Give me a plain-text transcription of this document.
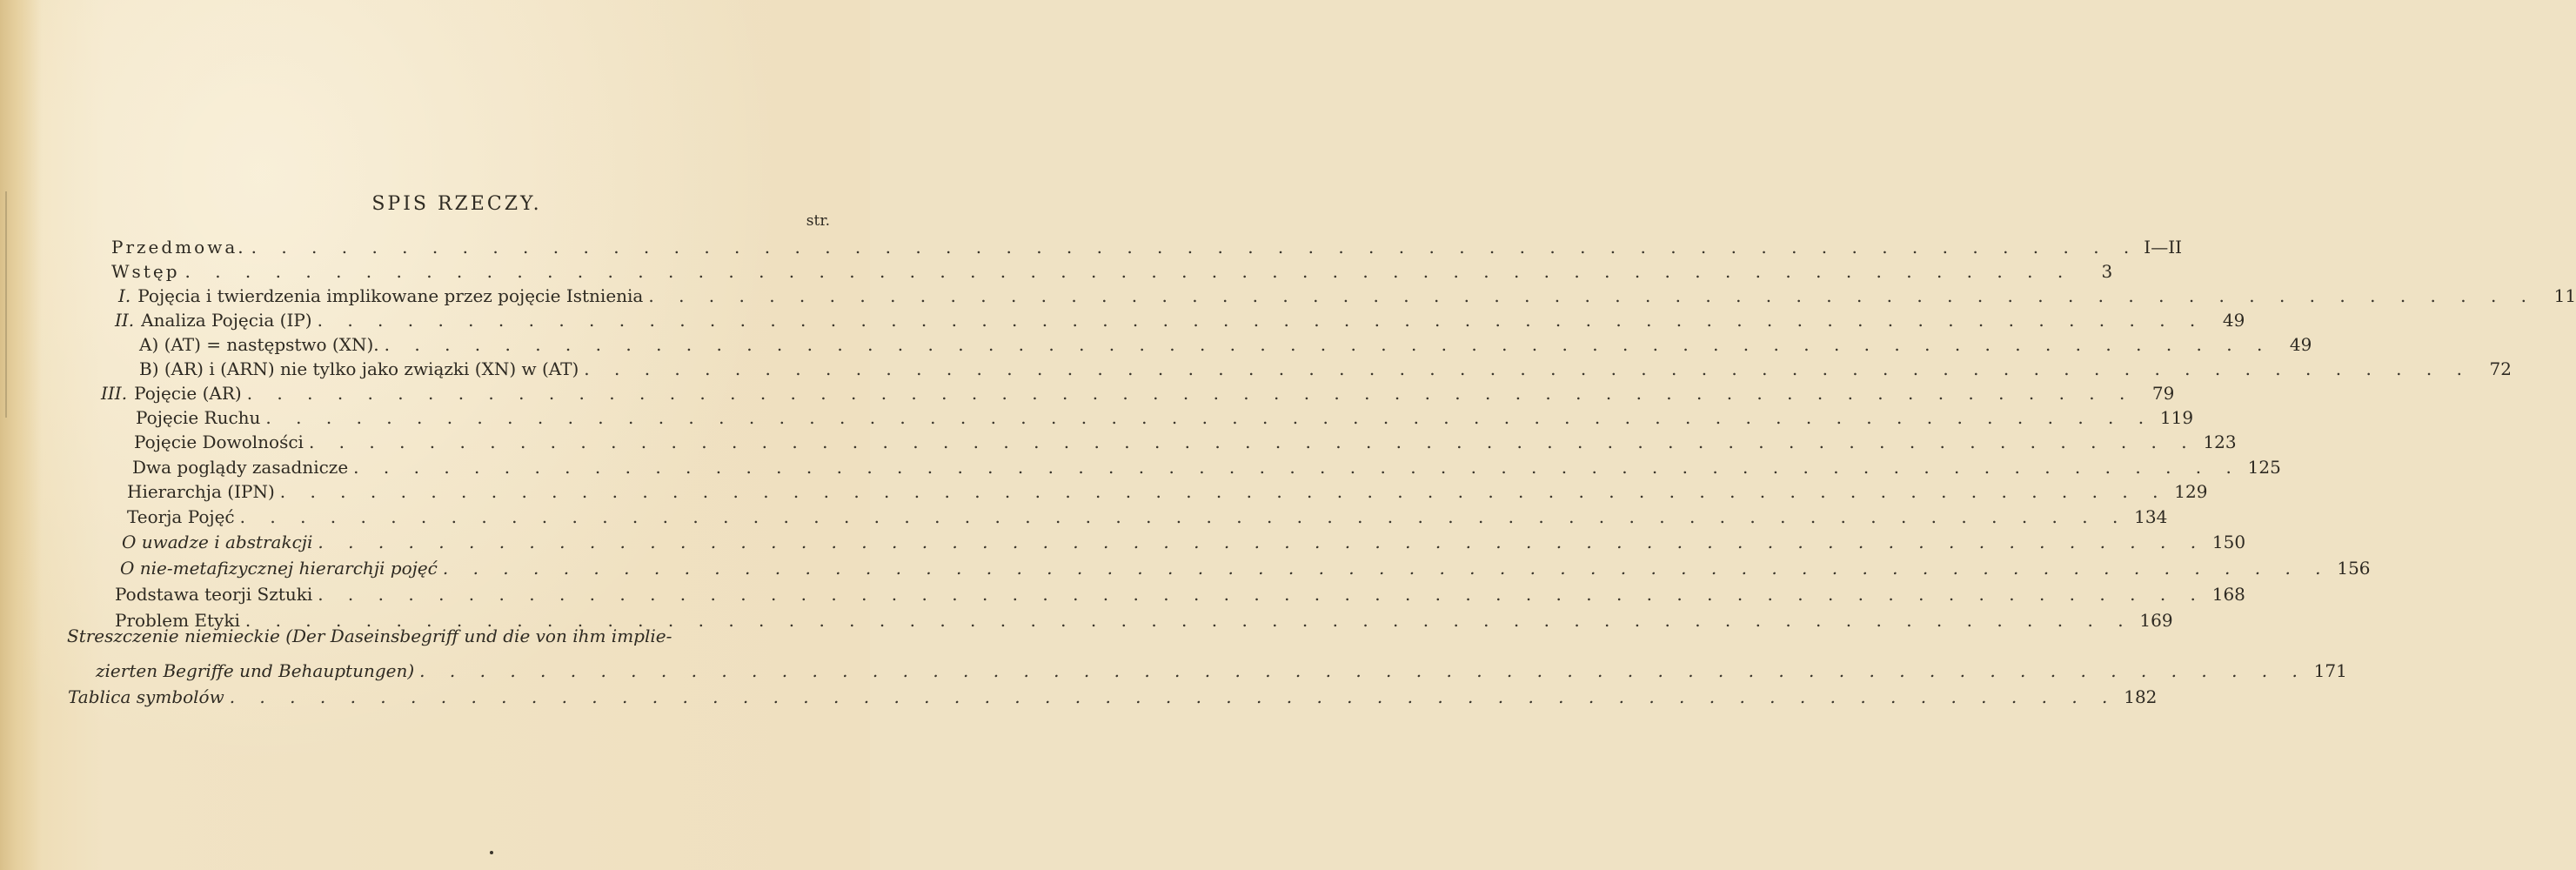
SPIS RZECZY.
str.
Przedmowa. . . . . . . . . . . . . . . . . . . . . . . . . . . . . . . . . . . . . . . . . . . . . . . . . . . . . . . . . . . . . . . . I—II
Wstęp . . . . . . . . . . . . . . . . . . . . . . . . . . . . . . . . . . . . . . . . . . . . . . . . . . . . . . . . . . . . . . .	3
I. Pojęcia i twierdzenia implikowane przez pojęcie Istnienia . . . . . . . . . . . . . . . . . . . . . . . . . . . . . . . . . . . . . . . . . . . . . . . . . . . . . . . . . . . . . . .	11
II. Analiza Pojęcia (IP) . . . . . . . . . . . . . . . . . . . . . . . . . . . . . . . . . . . . . . . . . . . . . . . . . . . . . . . . . . . . . . .	49
A) (AT) = następstwo (XN). . . . . . . . . . . . . . . . . . . . . . . . . . . . . . . . . . . . . . . . . . . . . . . . . . . . . . . . . . . . . . . .	49
B) (AR) i (ARN) nie tylko jako związki (XN) w (AT) . . . . . . . . . . . . . . . . . . . . . . . . . . . . . . . . . . . . . . . . . . . . . . . . . . . . . . . . . . . . . . .	72
III. Pojęcie (AR) . . . . . . . . . . . . . . . . . . . . . . . . . . . . . . . . . . . . . . . . . . . . . . . . . . . . . . . . . . . . . . .	79
Pojęcie Ruchu . . . . . . . . . . . . . . . . . . . . . . . . . . . . . . . . . . . . . . . . . . . . . . . . . . . . . . . . . . . . . . . 119
Pojęcie Dowolności . . . . . . . . . . . . . . . . . . . . . . . . . . . . . . . . . . . . . . . . . . . . . . . . . . . . . . . . . . . . . . . 123
Dwa poglądy zasadnicze . . . . . . . . . . . . . . . . . . . . . . . . . . . . . . . . . . . . . . . . . . . . . . . . . . . . . . . . . . . . . . . 125
Hierarchja (IPN) . . . . . . . . . . . . . . . . . . . . . . . . . . . . . . . . . . . . . . . . . . . . . . . . . . . . . . . . . . . . . . . 129
Teorja Pojęć . . . . . . . . . . . . . . . . . . . . . . . . . . . . . . . . . . . . . . . . . . . . . . . . . . . . . . . . . . . . . . . 134
O uwadze i abstrakcji . . . . . . . . . . . . . . . . . . . . . . . . . . . . . . . . . . . . . . . . . . . . . . . . . . . . . . . . . . . . . . . 150
O nie-metafizycznej hierarchji pojęć . . . . . . . . . . . . . . . . . . . . . . . . . . . . . . . . . . . . . . . . . . . . . . . . . . . . . . . . . . . . . . . 156
Podstawa teorji Sztuki . . . . . . . . . . . . . . . . . . . . . . . . . . . . . . . . . . . . . . . . . . . . . . . . . . . . . . . . . . . . . . . 168
Problem Etyki . . . . . . . . . . . . . . . . . . . . . . . . . . . . . . . . . . . . . . . . . . . . . . . . . . . . . . . . . . . . . . . 169
Streszczenie niemieckie (Der Daseinsbegriff und die von ihm implie-
zierten Begriffe und Behauptungen) . . . . . . . . . . . . . . . . . . . . . . . . . . . . . . . . . . . . . . . . . . . . . . . . . . . . . . . . . . . . . . . 171
Tablica symbolów . . . . . . . . . . . . . . . . . . . . . . . . . . . . . . . . . . . . . . . . . . . . . . . . . . . . . . . . . . . . . . . 182
